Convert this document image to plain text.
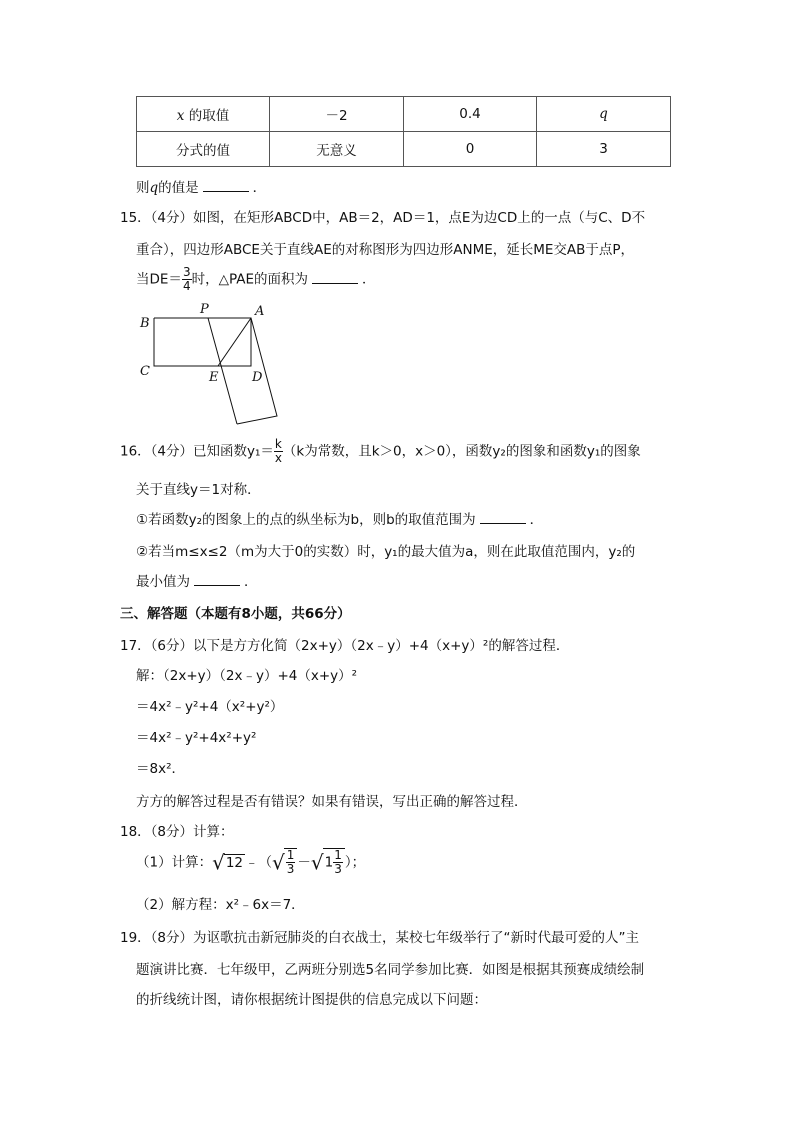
x 的取值	－2	0.4	q
分式的值	无意义	0	3
则q的值是	．
15．（4分）如图，在矩形ABCD中，AB＝2，AD＝1，点E为边CD上的一点（与C、D不
重合），四边形ABCE关于直线AE的对称图形为四边形ANME，延长ME交AB于点P，
当$DE= \frac{3}{4}$ 时，△PAE的面积为	．
B
P	A
C	E	D
16．（4分）已知函数$y_1= \frac{k}{x} (k$为常数，且k＞0，x＞0），函数y₂的图象和函数y₁的图象
关于直线y＝1对称．
①若函数y₂的图象上的点的纵坐标为b，则b的取值范围为	．
②若当m≤x≤2（m为大于0的实数）时，y₁的最大值为a，则在此取值范围内，y₂的
最小值为	．
三、解答题（本题有8小题，共66分）
17．（6分）以下是方方化简（2x+y）（2x﹣y）+4（x+y）²的解答过程．
解：（2x+y）（2x﹣y）+4（x+y）²
＝4x²﹣y²+4（x²+y²）
＝4x²﹣y²+4x²+y²
＝8x²．
方方的解答过程是否有错误？如果有错误，写出正确的解答过程．
18．（8分）计算：
（1）计算：√12 ﹣（√ $\frac{1}{3} -√1 \frac{1}{3}$ ）；
（2）解方程：x²﹣6x＝7．
19．（8分）为讴歌抗击新冠肺炎的白衣战士，某校七年级举行了“新时代最可爱的人”主
题演讲比赛．七年级甲，乙两班分别选5名同学参加比赛．如图是根据其预赛成绩绘制
的折线统计图，请你根据统计图提供的信息完成以下问题：
